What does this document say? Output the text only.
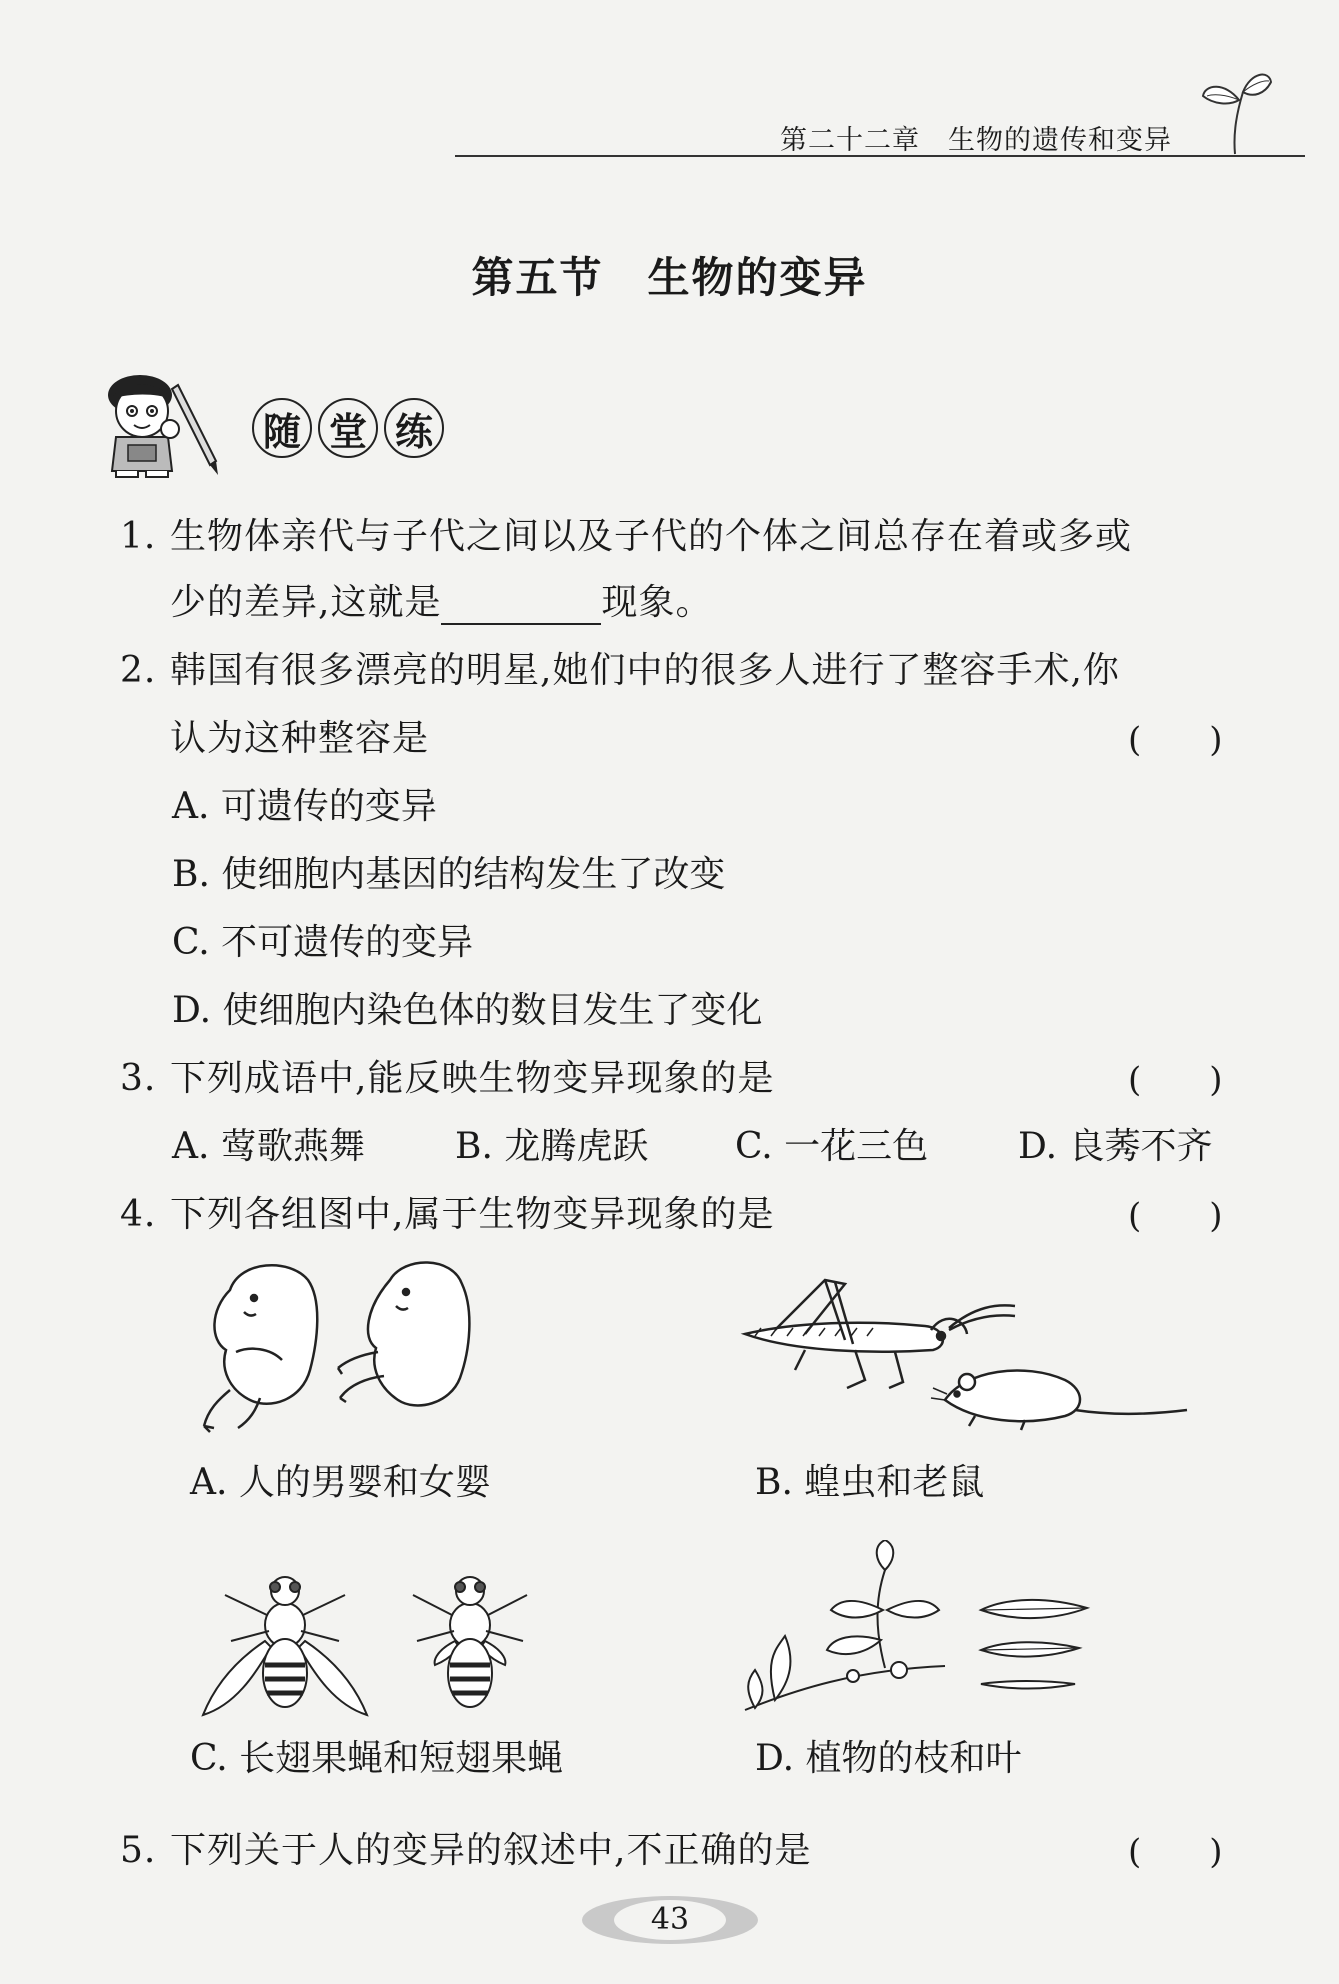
第二十二章　生物的遗传和变异
第五节　生物的变异
随 堂 练
1. 生物体亲代与子代之间以及子代的个体之间总存在着或多或
少的差异,这就是	现象。
2. 韩国有很多漂亮的明星,她们中的很多人进行了整容手术,你
认为这种整容是	(　　)
A. 可遗传的变异
B. 使细胞内基因的结构发生了改变
C. 不可遗传的变异
D. 使细胞内染色体的数目发生了变化
3. 下列成语中,能反映生物变异现象的是	(　　)
A. 莺歌燕舞	B. 龙腾虎跃 C. 一花三色 D. 良莠不齐
4. 下列各组图中,属于生物变异现象的是	(　　)
A. 人的男婴和女婴	B. 蝗虫和老鼠
C. 长翅果蝇和短翅果蝇	D. 植物的枝和叶
5. 下列关于人的变异的叙述中,不正确的是	(　　)
43
